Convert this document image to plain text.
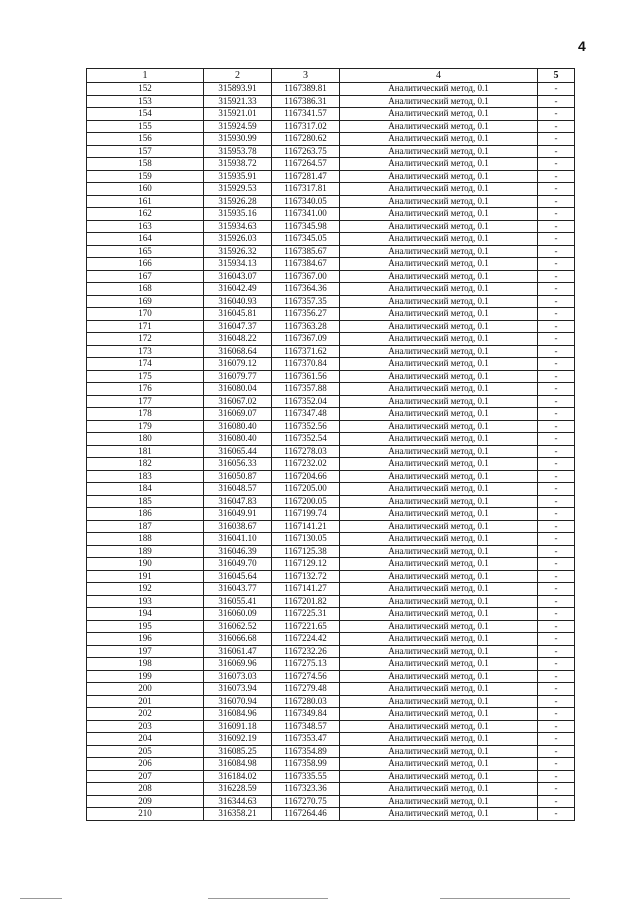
4
1	2	3	4	5
152	315893.91	1167389.81	Аналитический метод, 0.1	-
153	315921.33	1167386.31	Аналитический метод, 0.1	-
154	315921.01	1167341.57	Аналитический метод, 0.1	-
155	315924.59	1167317.02	Аналитический метод, 0.1	-
156	315930.99	1167280.62	Аналитический метод, 0.1	-
157	315953.78	1167263.75	Аналитический метод, 0.1	-
158	315938.72	1167264.57	Аналитический метод, 0.1	-
159	315935.91	1167281.47	Аналитический метод, 0.1	-
160	315929.53	1167317.81	Аналитический метод, 0.1	-
161	315926.28	1167340.05	Аналитический метод, 0.1	-
162	315935.16	1167341.00	Аналитический метод, 0.1	-
163	315934.63	1167345.98	Аналитический метод, 0.1	-
164	315926.03	1167345.05	Аналитический метод, 0.1	-
165	315926.32	1167385.67	Аналитический метод, 0.1	-
166	315934.13	1167384.67	Аналитический метод, 0.1	-
167	316043.07	1167367.00	Аналитический метод, 0.1	-
168	316042.49	1167364.36	Аналитический метод, 0.1	-
169	316040.93	1167357.35	Аналитический метод, 0.1	-
170	316045.81	1167356.27	Аналитический метод, 0.1	-
171	316047.37	1167363.28	Аналитический метод, 0.1	-
172	316048.22	1167367.09	Аналитический метод, 0.1	-
173	316068.64	1167371.62	Аналитический метод, 0.1	-
174	316079.12	1167370.84	Аналитический метод, 0.1	-
175	316079.77	1167361.56	Аналитический метод, 0.1	-
176	316080.04	1167357.88	Аналитический метод, 0.1	-
177	316067.02	1167352.04	Аналитический метод, 0.1	-
178	316069.07	1167347.48	Аналитический метод, 0.1	-
179	316080.40	1167352.56	Аналитический метод, 0.1	-
180	316080.40	1167352.54	Аналитический метод, 0.1	-
181	316065.44	1167278.03	Аналитический метод, 0.1	-
182	316056.33	1167232.02	Аналитический метод, 0.1	-
183	316050.87	1167204.66	Аналитический метод, 0.1	-
184	316048.57	1167205.00	Аналитический метод, 0.1	-
185	316047.83	1167200.05	Аналитический метод, 0.1	-
186	316049.91	1167199.74	Аналитический метод, 0.1	-
187	316038.67	1167141.21	Аналитический метод, 0.1	-
188	316041.10	1167130.05	Аналитический метод, 0.1	-
189	316046.39	1167125.38	Аналитический метод, 0.1	-
190	316049.70	1167129.12	Аналитический метод, 0.1	-
191	316045.64	1167132.72	Аналитический метод, 0.1	-
192	316043.77	1167141.27	Аналитический метод, 0.1	-
193	316055.41	1167201.82	Аналитический метод, 0.1	-
194	316060.09	1167225.31	Аналитический метод, 0.1	-
195	316062.52	1167221.65	Аналитический метод, 0.1	-
196	316066.68	1167224.42	Аналитический метод, 0.1	-
197	316061.47	1167232.26	Аналитический метод, 0.1	-
198	316069.96	1167275.13	Аналитический метод, 0.1	-
199	316073.03	1167274.56	Аналитический метод, 0.1	-
200	316073.94	1167279.48	Аналитический метод, 0.1	-
201	316070.94	1167280.03	Аналитический метод, 0.1	-
202	316084.96	1167349.84	Аналитический метод, 0.1	-
203	316091.18	1167348.57	Аналитический метод, 0.1	-
204	316092.19	1167353.47	Аналитический метод, 0.1	-
205	316085.25	1167354.89	Аналитический метод, 0.1	-
206	316084.98	1167358.99	Аналитический метод, 0.1	-
207	316184.02	1167335.55	Аналитический метод, 0.1	-
208	316228.59	1167323.36	Аналитический метод, 0.1	-
209	316344.63	1167270.75	Аналитический метод, 0.1	-
210	316358.21	1167264.46	Аналитический метод, 0.1	-
